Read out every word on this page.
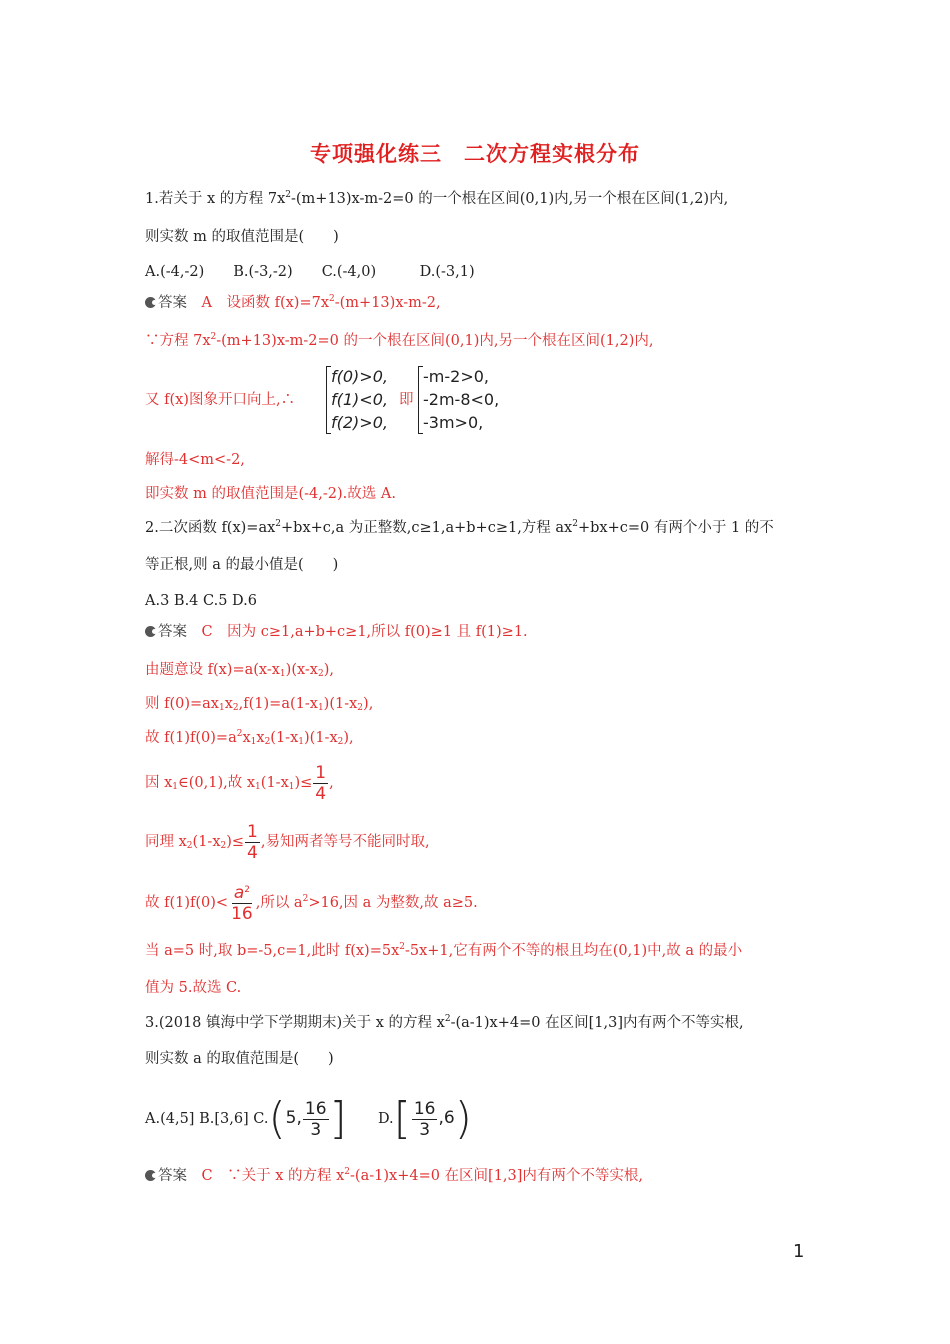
专项强化练三　二次方程实根分布
1.若关于 x 的方程 $7x^2-(m+13)x-m-2=0$ 的一个根在区间(0,1)内,另一个根在区间(1,2)内,
则实数 m 的取值范围是(　　)
A.(-4,-2)　　B.(-3,-2)　　C.(-4,0)　　　D.(-3,1)
答案　 A　 设函数 $f(x)=7x^2-(m+13)x-m-2$,
∵方程 $7x^2-(m+13)x-m-2=0$ 的一个根在区间(0,1)内,另一个根在区间(1,2)内,
又 f(x)图象开口向上,∴
f(0)>0,
f(1)<0,
f(2)>0,
即
-m-2>0,
-2m-8<0,
-3m>0,
解得-4<m<-2,
即实数 m 的取值范围是(-4,-2).故选 A.
2.二次函数 $f(x)=ax^2+bx+c,a$ 为正整数,c≥1,a+b+c≥1,方程 $ax^2+bx+c=0$ 有两个小于 1 的不
等正根,则 a 的最小值是(　　)
A.3 B.4 C.5 D.6
答案　 C　 因为 c≥1,a+b+c≥1,所以 f(0)≥1 且 f(1)≥1.
由题意设 $f(x)=a(x-x_1)(x-x_2)$,
则 $f(0)=ax_1x_2,f(1)=a(1-x_1)(1-x_2)$,
故 $f(1)f(0)=a^2x_1x_2(1-x_1)(1-x_2)$,
因 $x_1\in(0,1)$,故 $x_1(1-x_1)\le \frac{1}{4}$ ,
同理 $x_2(1-x_2)\le \frac{1}{4}$ ,易知两者等号不能同时取,
故 $f(1)f(0)< \frac{a^2}{16}$ ,所以 $a^2>16$,因 a 为整数,故 a≥5.
当 a=5 时,取 b=-5,c=1,此时 $f(x)=5x^2-5x+1$,它有两个不等的根且均在(0,1)中,故 a 的最小
值为 5.故选 C.
3.(2018 镇海中学下学期期末)关于 x 的方程 $x^2-(a-1)x+4=0$ 在区间[1,3]内有两个不等实根,
则实数 a 的取值范围是(　　)
A.(4,5] B.[3,6] C.(5, $\frac{16}{3}$ ] $D.[ \frac{16}{3} ,6)$
答案　 C　 ∵关于 x 的方程 $x^2-(a-1)x+4=0$ 在区间[1,3]内有两个不等实根,
1
